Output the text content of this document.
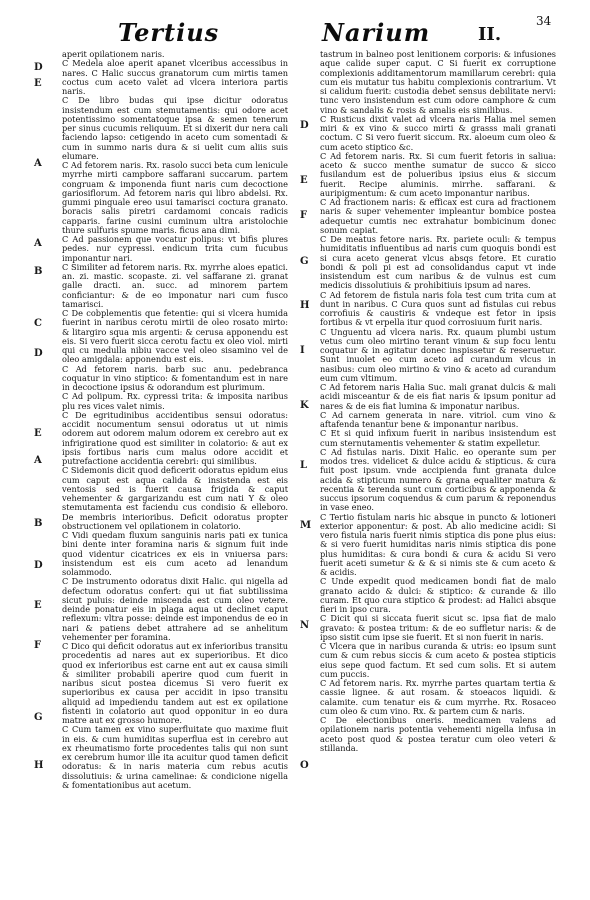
Tertius	Narium	II.
34
D
E
A
A
B
C
D
E
A
B
D
E
F
G
H
D
E
F
G
H
I
K
L
M
N
O

aperit opilationem naris.

C Medela aloe aperit apanet vlceribus accessibus in nares. C Halic succus granatorum cum mirtis tamen coctus cum aceto valet ad vlcera interiora partis naris.

C De libro budas qui ipse dicitur odoratus insistendum est cum stemutamentis: qui odore acet potentissimo somentatoque ipsa & semen tenerum per sinus cucumis reliquum. Et si dixerit dur nera cali faciendo lapso: cetigendo in aceto cum somentadi & cum in summo naris dura & si uelit cum aliis suis elumare.

C Ad fetorem naris. Rx. rasolo succi beta cum lenicule myrrhe mirti campbore saffarani succarum. partem congruam & imponenda fiunt naris cum decoctione gariosiflorum. Ad fetorem naris qui libro abdelsi. Rx. gummi pinguale ereo usui tamarisci coctura granato. boracis salis piretri cardamomi concais radicis capparis. farine cusini cuminum ultra aristolochie thure sulfuris spume maris. ficus ana dimi.

C Ad passionem que vocatur polipus: vt bifis plures pedes. nur cypressi. endicum trita cum fucubus imponantur nari.

C Similiter ad fetorem naris. Rx. myrrhe aloes epatici. an. zi. mastic. scopaste. zi. vel saffarane zi. granat galle dracti. an. succ. ad minorem partem conficiantur: & de eo imponatur nari cum fusco tamarisci.

C De cobplementis que fetentie: qui si vlcera humida fuerint in naribus cerotu mirtii de oleo rosato mirto: & litargiro squa mis argenti: & cerusa apponendu est eis. Si vero fuerit sicca cerotu factu ex oleo viol. mirti qui cu medulla nibiu vacce vel oleo sisamino vel de oleo amigdala: apponendu est eis.

C Ad fetorem naris. barb suc anu. pedebranca coquatur in vino stiptico: & fomentandum est in nare in decoctione ipsius & odorandum est plurimum.

C Ad polipum. Rx. cypressi trita: & imposita naribus plu res vices valet nimis.

C De egritudinibus accidentibus sensui odoratus: accidit nocumentum sensui odoratus ut ut nimis odorem aut odorem malum odorem ex cerebro aut ex infrigiratione quod est similiter in colatorio: & aut ex ipsis fortibus naris cum malus odore accidit et putrefactione accidentia cerebri: qui similibus.

C Sidemonis dicit quod deficerit odoratus epidum eius cum caput est aqua calida & insistenda est eis ventosis sed is fuerit causa frigida & caput vehementer & gargarizandu est cum nati Y & oleo stemutamenta est faciendu cus condisio & elleboro. De membris interioribus. Deficit odoratus propter obstructionem vel opilationem in colatorio.

C Vidi quedam fluxum sanguinis naris pati ex tunica bini dente inter foramina naris & signum fuit inde quod videntur cicatrices ex eis in vniuersa pars: insistendum est eis cum aceto ad lenandum solammodo.

C De instrumento odoratus dixit Halic. qui nigella ad defectum odoratus confert: qui ut fiat subtilissima sicut puluis: deinde miscenda est cum oleo vetere. deinde ponatur eis in plaga aqua ut declinet caput reflexum: vltra posse: deinde est imponendus de eo in nari & patiens debet attrahere ad se anhelitum vehementer per foramina.

C Dico qui deficit odoratus aut ex inferioribus transitu procedentis ad nares aut ex superioribus. Et dico quod ex inferioribus est carne ent aut ex causa simili & similiter probabili aperire quod cum fuerit in naribus sicut postea dicemus Si vero fuerit ex superioribus ex causa per accidit in ipso transitu aliquid ad impediendu tandem aut est ex opilatione fistenti in colatorio aut quod opponitur in eo dura matre aut ex grosso humore.

C Cum tamen ex vino superfluitate quo maxime fluit in eis. & cum humiditas superflua est in cerebro aut ex rheumatismo forte procedentes talis qui non sunt ex cerebrum humor ille ita acuitur quod tamen deficit odoratus: & in naris materia cum rebus acutis dissolutiuis: & urina camelinae: & condicione nigella & fomentationibus aut acetum.

tastrum in balneo post lenitionem corporis: & infusiones aque calide super caput. C Si fuerit ex corruptione complexionis additamentorum mamillarum cerebri: quia cum eis mutatur tus habitu complexionis contrarium. Vt si calidum fuerit: custodia debet sensus debilitate nervi: tunc vero insistendum est cum odore camphore & cum vino & sandalis & rosis & amalis eis similibus.

C Rusticus dixit valet ad vlcera naris Halia mel semen miri & ex vino & succo mirti & grasss mali granati coctum. C Si vero fuerit siccum. Rx. aloeum cum oleo & cum aceto stiptico &c.

C Ad fetorem naris. Rx. Si cum fuerit fetoris in saliua: aceto & succo menthe sumatur de succo & sicco fusilandum est de polueribus ipsius eius & siccum fuerit. Recipe aluminis. mirrhe. saffarani. & auripigmentum: & cum aceto imponantur naribus.

C Ad fractionem naris: & efficax est cura ad fractionem naris & super vehementer impleantur bombice postea adequetur cumtis nec extrahatur bombicinum donec sonum capiat.

C De meatus fetore naris. Rx. pariete oculi: & tempus humiditatis influentibus ad naris cum quoquis bondi est si cura aceto generat vlcus absqs fetore. Et curatio bondi & poli pi est ad consolidandus caput vt inde insistendum est cum naribus & de vulnus est cum medicis dissolutiuis & prohibitiuis ipsum ad nares.

C Ad fetorem de fistula naris fola test cum trita cum at dunt in naribus. C Cura quos sunt ad fistulas cui rebus corrofiuis & caustiris & vndeque est fetor in ipsis fortibus & vt erpella itur quod corrosiuum furit naris.

C Unguentu ad vlcera naris. Rx. quaum plumbi ustum vetus cum oleo mirtino terant vinum & sup focu lentu coquatur & in agitatur donec inspissetur & reseruetur. Sunt inuolet eo cum aceto ad curandum vlcus in nasibus: cum oleo mirtino & vino & aceto ad curandum eum cum vltimum.

C Ad fetorem naris Halia Suc. mali granat dulcis & mali acidi misceantur & de eis fiat naris & ipsum ponitur ad nares & de eis fiat lumina & imponatur naribus.

C Ad carnem generata in nare. vitriol. cum vino & aftafenda tenantur bene & imponantur naribus.

C Et si quid infixum fuerit in naribus insistendum est cum sternutamentis vehementer & statim expelletur.

C Ad fistulas naris. Dixit Halic. eo operante sum per modos tres. videlicet & dulce acidu & stipticus. & cura fuit post ipsum. vnde accipienda funt granata dulce acida & stipticum numero & grana equaliter matura & recentia & terenda sunt cum corticibus & apponenda & succus ipsorum coquendus & cum parum & reponendus in vase eneo.

C Tertio fistulam naris hic absque in puncto & lotioneri exterior apponentur: & post. Ab alio medicine acidi: Si vero fistula naris fuerit nimis stiptica dis pone plus eius: & si vero fuerit humiditas naris nimis stiptica dis pone plus humiditas: & cura bondi & cura & acidu Si vero fuerit aceti sumetur & & & si nimis ste & cum aceto & & acidis.

C Unde expedit quod medicamen bondi fiat de malo granato acido & dulci: & stiptico: & curande & illo curam. Et quo cura stiptico & prodest: ad Halici absque fieri in ipso cura.

C Dicit qui si siccata fuerit sicut sc. ipsa fiat de malo gravato: & postea tritum: & de eo suffletur naris: & de ipso sistit cum ipse sie fuerit. Et si non fuerit in naris.

C Vlcera que in naribus curanda & utris: eo ipsum sunt cum & cum rebus siccis & cum aceto & postea stipticis eius sepe quod factum. Et sed cum solis. Et si autem cum puccis.

C Ad fetorem naris. Rx. myrrhe partes quartam tertia & cassie lignee. & aut rosam. & stoeacos liquidi. & calamite. cum tenatur eis & cum myrrhe. Rx. Rosaceo cum oleo & cum vino. Rx. & partem cum & naris.

C De electionibus oneris. medicamen valens ad opilationem naris potentia vehementi nigella infusa in aceto post quod & postea teratur cum oleo veteri & stillanda.
